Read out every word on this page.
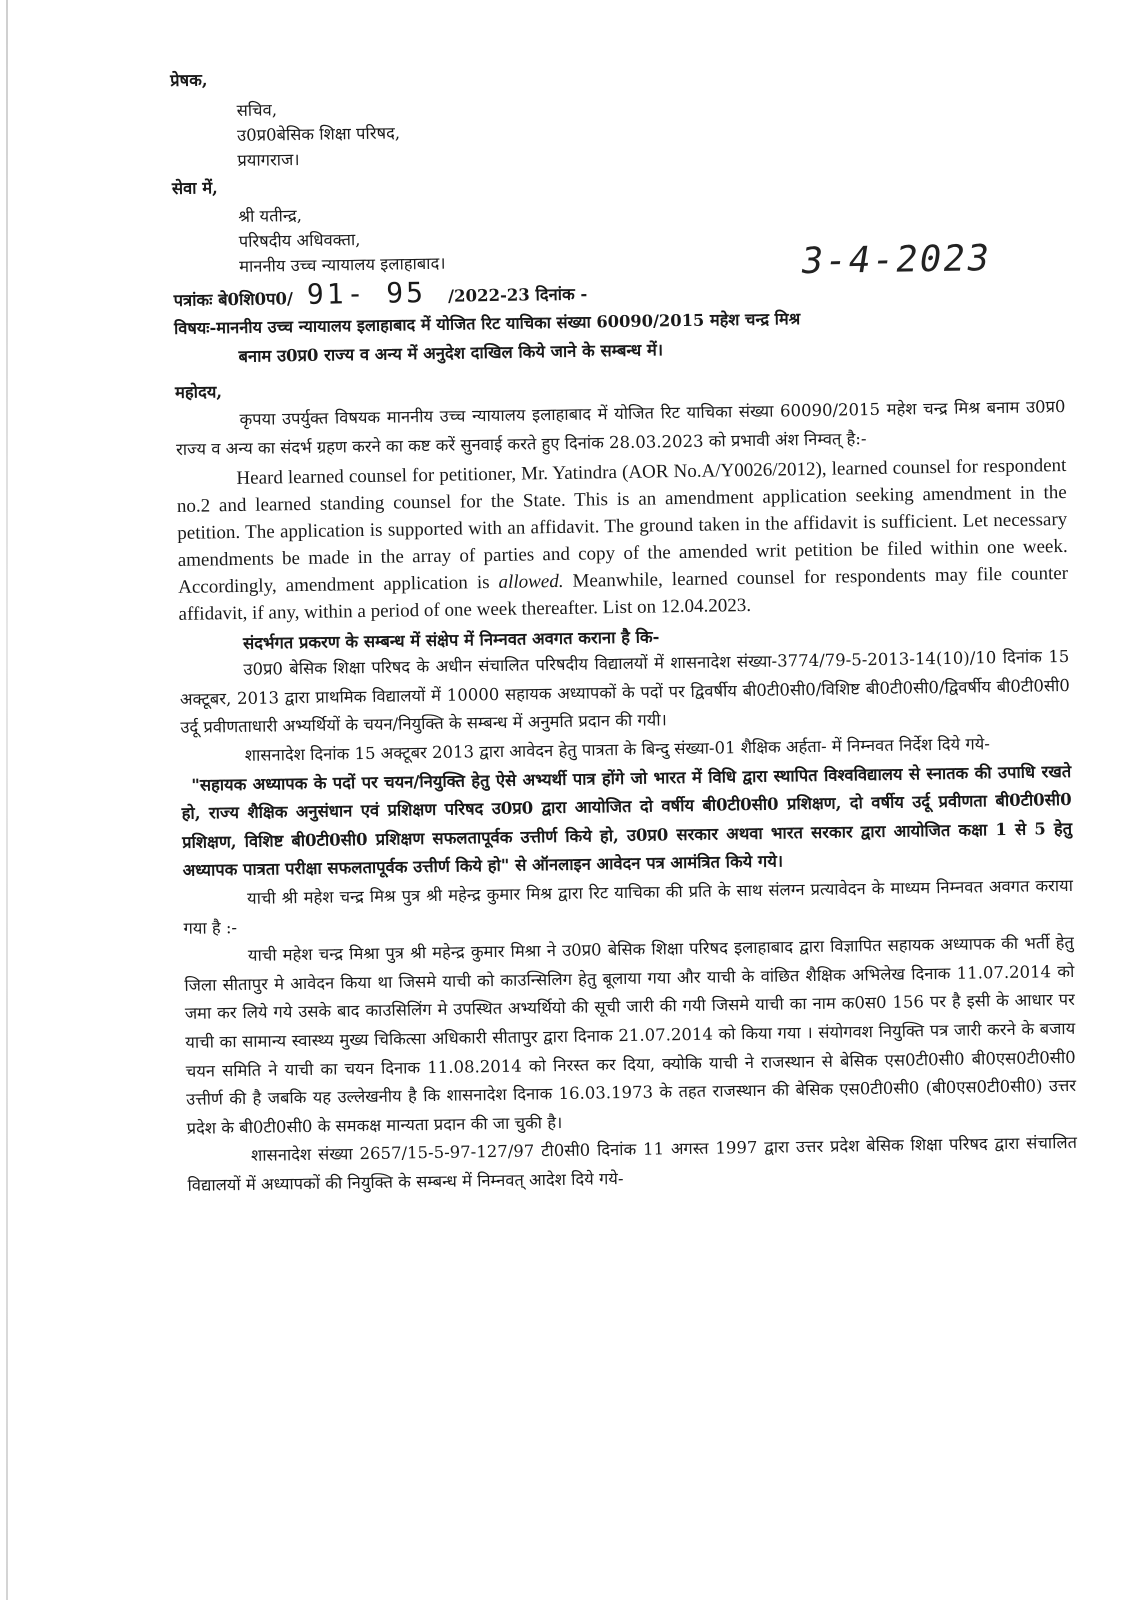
प्रेषक,
सचिव,
उ0प्र0बेसिक शिक्षा परिषद,
प्रयागराज।
सेवा में,
श्री यतीन्द्र,
परिषदीय अधिवक्ता,
माननीय उच्च न्यायालय इलाहाबाद।
पत्रांकः बे0शि0प0/ 91- 95 /2022-23 दिनांक -
3-4-2023
विषयः-माननीय उच्च न्यायालय इलाहाबाद में योजित रिट याचिका संख्या 60090/2015 महेश चन्द्र मिश्र
बनाम उ0प्र0 राज्य व अन्य में अनुदेश दाखिल किये जाने के सम्बन्ध में।
महोदय,

कृपया उपर्युक्त विषयक माननीय उच्च न्यायालय इलाहाबाद में योजित रिट याचिका संख्या 60090/2015 महेश चन्द्र मिश्र बनाम उ0प्र0 राज्य व अन्य का संदर्भ ग्रहण करने का कष्ट करें सुनवाई करते हुए दिनांक 28.03.2023 को प्रभावी अंश निम्वत् है:-

Heard learned counsel for petitioner, Mr. Yatindra (AOR No.A/Y0026/2012), learned counsel for respondent no.2 and learned standing counsel for the State. This is an amendment application seeking amendment in the petition. The application is supported with an affidavit. The ground taken in the affidavit is sufficient. Let necessary amendments be made in the array of parties and copy of the amended writ petition be filed within one week. Accordingly, amendment application is allowed. Meanwhile, learned counsel for respondents may file counter affidavit, if any, within a period of one week thereafter. List on 12.04.2023.

संदर्भगत प्रकरण के सम्बन्ध में संक्षेप में निम्नवत अवगत कराना है कि-

उ0प्र0 बेसिक शिक्षा परिषद के अधीन संचालित परिषदीय विद्यालयों में शासनादेश संख्या-3774/79-5-2013-14(10)/10 दिनांक 15 अक्टूबर, 2013 द्वारा प्राथमिक विद्यालयों में 10000 सहायक अध्यापकों के पदों पर द्विवर्षीय बी0टी0सी0/विशिष्ट बी0टी0सी0/द्विवर्षीय बी0टी0सी0 उर्दू प्रवीणताधारी अभ्यर्थियों के चयन/नियुक्ति के सम्बन्ध में अनुमति प्रदान की गयी।

शासनादेश दिनांक 15 अक्टूबर 2013 द्वारा आवेदन हेतु पात्रता के बिन्दु संख्या-01 शैक्षिक अर्हता- में निम्नवत निर्देश दिये गये-

"सहायक अध्यापक के पदों पर चयन/नियुक्ति हेतु ऐसे अभ्यर्थी पात्र होंगे जो भारत में विधि द्वारा स्थापित विश्वविद्यालय से स्नातक की उपाधि रखते हो, राज्य शैक्षिक अनुसंधान एवं प्रशिक्षण परिषद उ0प्र0 द्वारा आयोजित दो वर्षीय बी0टी0सी0 प्रशिक्षण, दो वर्षीय उर्दू प्रवीणता बी0टी0सी0 प्रशिक्षण, विशिष्ट बी0टी0सी0 प्रशिक्षण सफलतापूर्वक उत्तीर्ण किये हो, उ0प्र0 सरकार अथवा भारत सरकार द्वारा आयोजित कक्षा 1 से 5 हेतु अध्यापक पात्रता परीक्षा सफलतापूर्वक उत्तीर्ण किये हो" से ऑनलाइन आवेदन पत्र आमंत्रित किये गये।

याची श्री महेश चन्द्र मिश्र पुत्र श्री महेन्द्र कुमार मिश्र द्वारा रिट याचिका की प्रति के साथ संलग्न प्रत्यावेदन के माध्यम निम्नवत अवगत कराया गया है :-

याची महेश चन्द्र मिश्रा पुत्र श्री महेन्द्र कुमार मिश्रा ने उ0प्र0 बेसिक शिक्षा परिषद इलाहाबाद द्वारा विज्ञापित सहायक अध्यापक की भर्ती हेतु जिला सीतापुर मे आवेदन किया था जिसमे याची को काउन्सिलिग हेतु बूलाया गया और याची के वांछित शैक्षिक अभिलेख दिनाक 11.07.2014 को जमा कर लिये गये उसके बाद काउसिलिंग मे उपस्थित अभ्यर्थियो की सूची जारी की गयी जिसमे याची का नाम क0स0 156 पर है इसी के आधार पर याची का सामान्य स्वास्थ्य मुख्य चिकित्सा अधिकारी सीतापुर द्वारा दिनाक 21.07.2014 को किया गया । संयोगवश नियुक्ति पत्र जारी करने के बजाय चयन समिति ने याची का चयन दिनाक 11.08.2014 को निरस्त कर दिया, क्योकि याची ने राजस्थान से बेसिक एस0टी0सी0 बी0एस0टी0सी0 उत्तीर्ण की है जबकि यह उल्लेखनीय है कि शासनादेश दिनाक 16.03.1973 के तहत राजस्थान की बेसिक एस0टी0सी0 (बी0एस0टी0सी0) उत्तर प्रदेश के बी0टी0सी0 के समकक्ष मान्यता प्रदान की जा चुकी है।

शासनादेश संख्या 2657/15-5-97-127/97 टी0सी0 दिनांक 11 अगस्त 1997 द्वारा उत्तर प्रदेश बेसिक शिक्षा परिषद द्वारा संचालित विद्यालयों में अध्यापकों की नियुक्ति के सम्बन्ध में निम्नवत् आदेश दिये गये-
